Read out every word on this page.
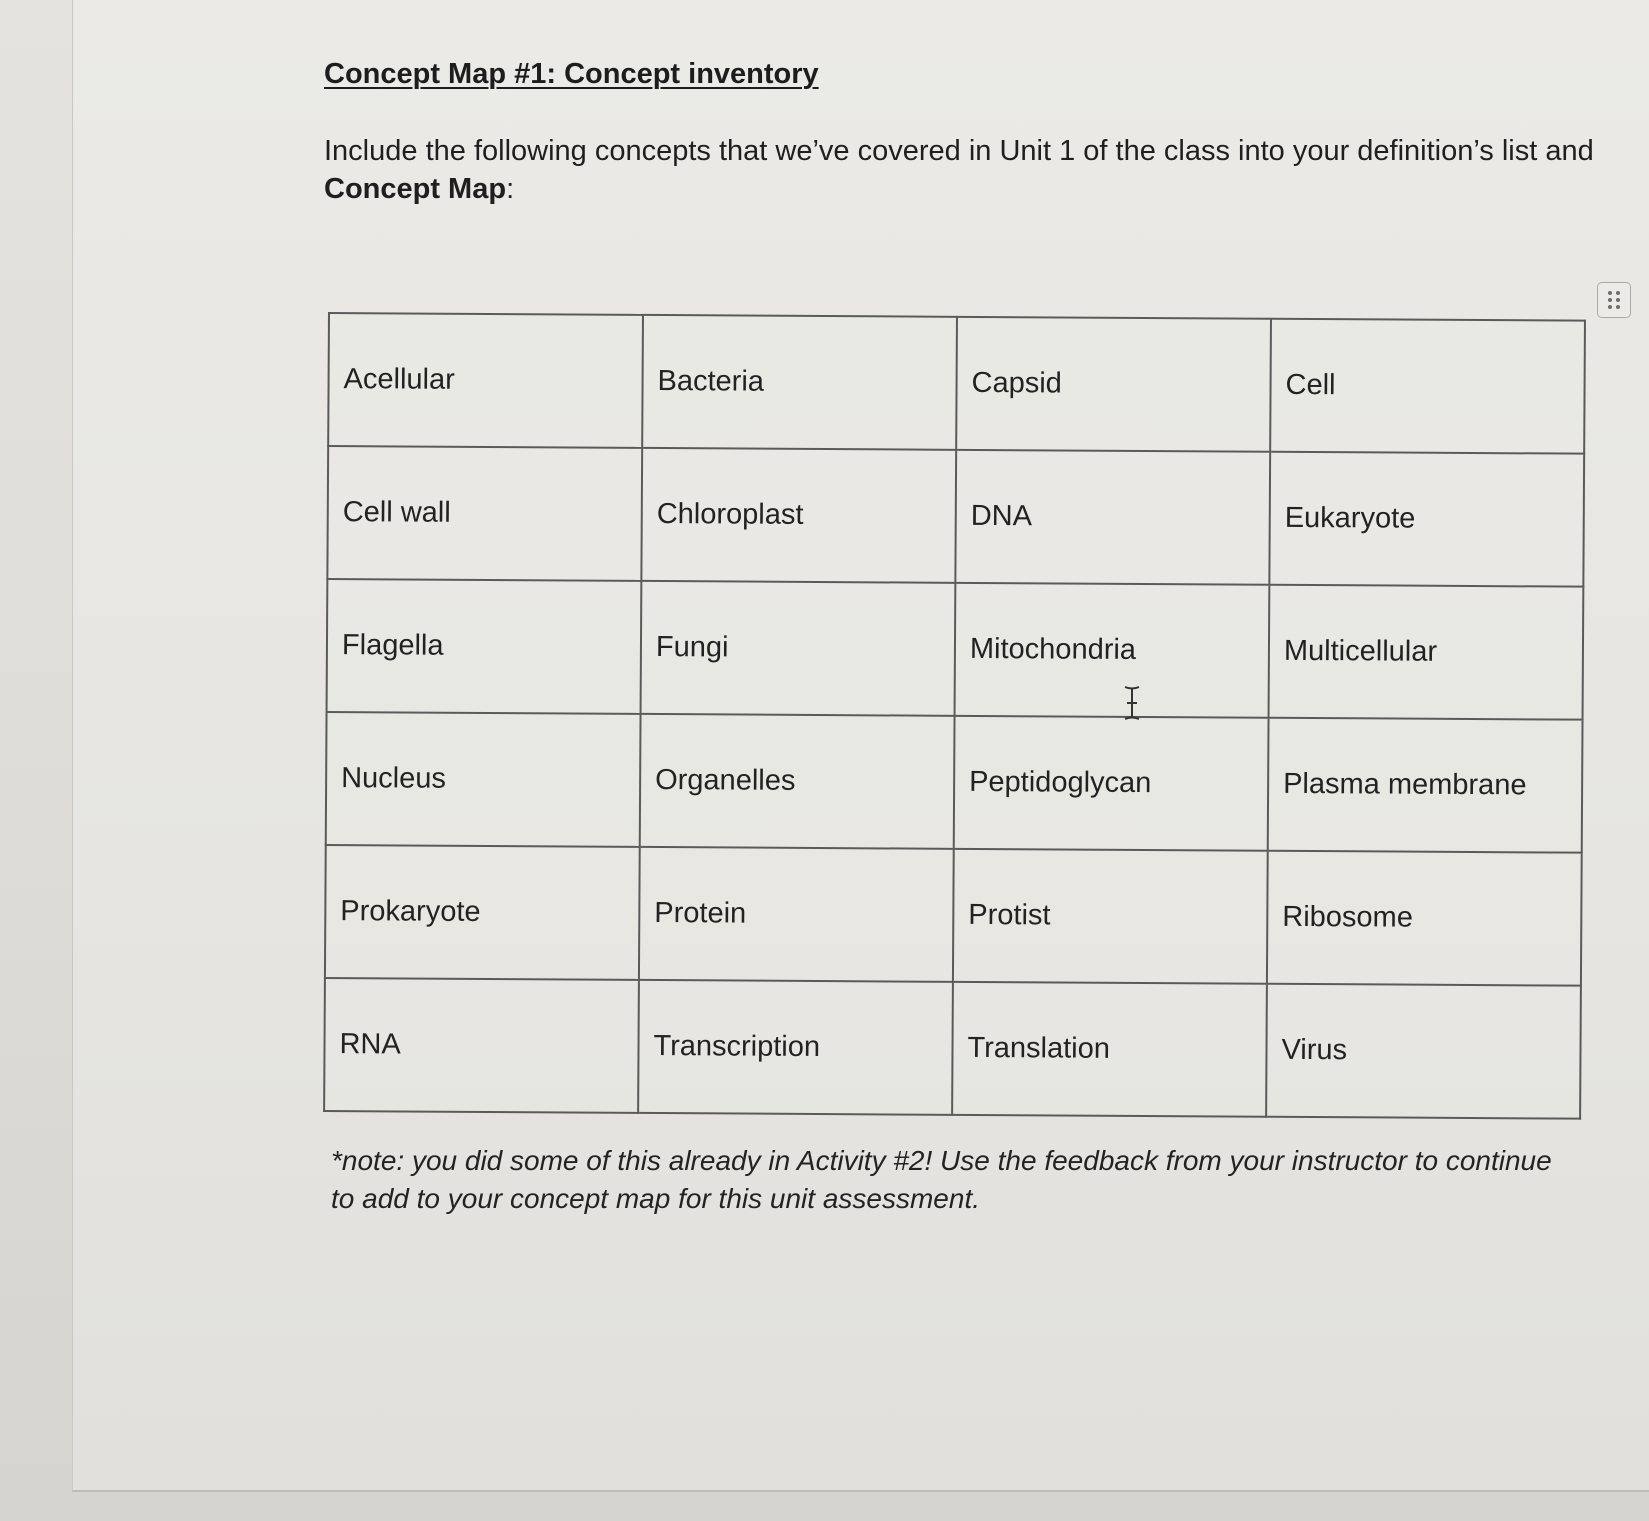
Concept Map #1: Concept inventory

Include the following concepts that we’ve covered in Unit 1 of the class into your definition’s list and Concept Map:

Acellular	Bacteria	Capsid	Cell
Cell wall	Chloroplast	DNA	Eukaryote
Flagella	Fungi	Mitochondria	Multicellular
Nucleus	Organelles	Peptidoglycan	Plasma membrane
Prokaryote	Protein	Protist	Ribosome
RNA	Transcription	Translation	Virus

*note: you did some of this already in Activity #2! Use the feedback from your instructor to continue to add to your concept map for this unit assessment.
